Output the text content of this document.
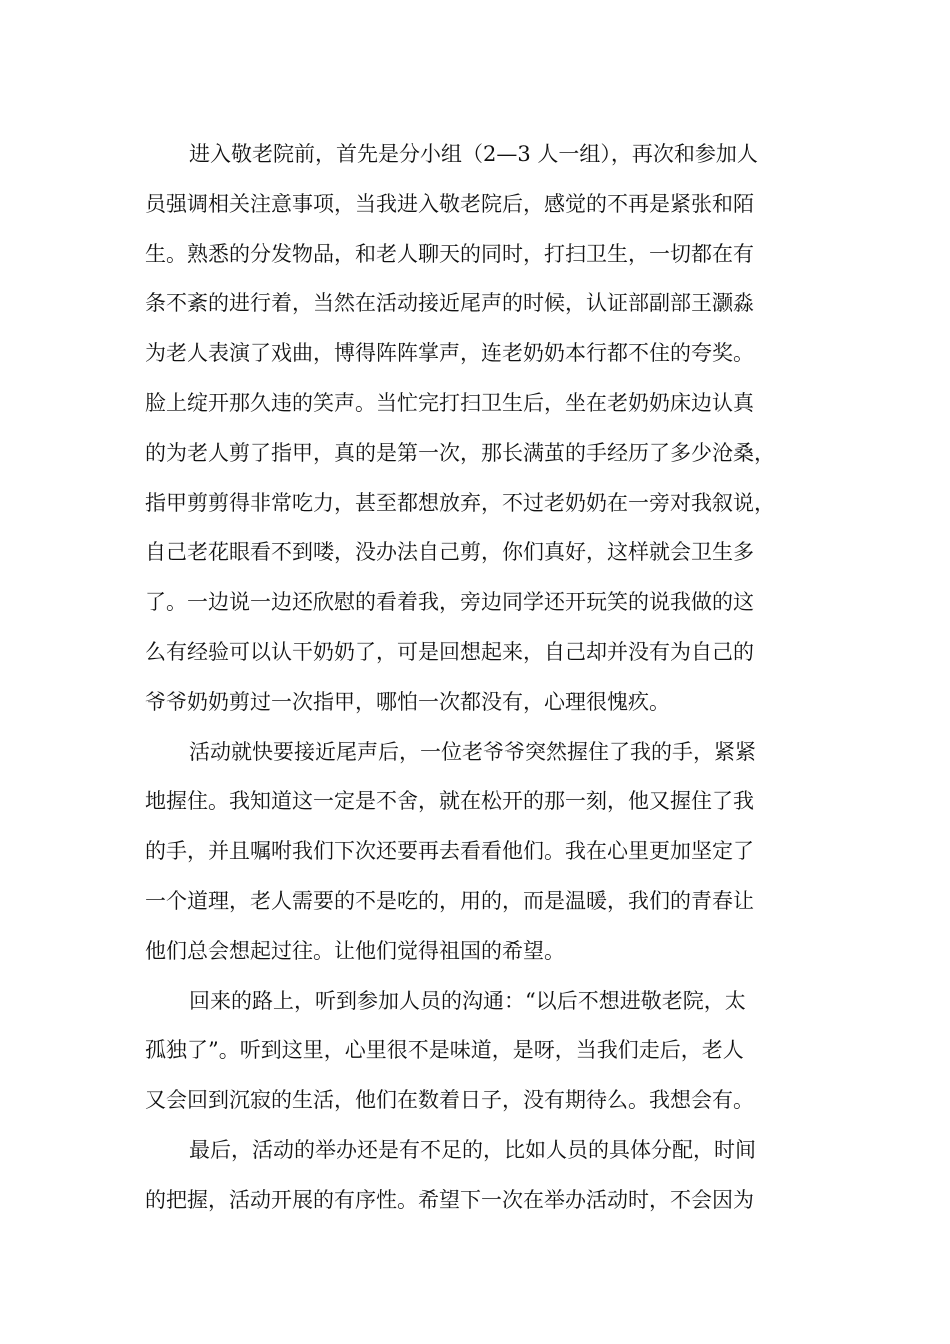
进入敬老院前，首先是分小组（2—3 人一组），再次和参加人
员强调相关注意事项，当我进入敬老院后，感觉的不再是紧张和陌
生。熟悉的分发物品，和老人聊天的同时，打扫卫生，一切都在有
条不紊的进行着，当然在活动接近尾声的时候，认证部副部王灏淼
为老人表演了戏曲，博得阵阵掌声，连老奶奶本行都不住的夸奖。
脸上绽开那久违的笑声。当忙完打扫卫生后，坐在老奶奶床边认真
的为老人剪了指甲，真的是第一次，那长满茧的手经历了多少沧桑，
指甲剪剪得非常吃力，甚至都想放弃，不过老奶奶在一旁对我叙说，
自己老花眼看不到喽，没办法自己剪，你们真好，这样就会卫生多
了。一边说一边还欣慰的看着我，旁边同学还开玩笑的说我做的这
么有经验可以认干奶奶了，可是回想起来，自己却并没有为自己的
爷爷奶奶剪过一次指甲，哪怕一次都没有，心理很愧疚。
活动就快要接近尾声后，一位老爷爷突然握住了我的手，紧紧
地握住。我知道这一定是不舍，就在松开的那一刻，他又握住了我
的手，并且嘱咐我们下次还要再去看看他们。我在心里更加坚定了
一个道理，老人需要的不是吃的，用的，而是温暖，我们的青春让
他们总会想起过往。让他们觉得祖国的希望。
回来的路上，听到参加人员的沟通：“以后不想进敬老院，太
孤独了”。听到这里，心里很不是味道，是呀，当我们走后，老人
又会回到沉寂的生活，他们在数着日子，没有期待么。我想会有。
最后，活动的举办还是有不足的，比如人员的具体分配，时间
的把握，活动开展的有序性。希望下一次在举办活动时，不会因为
